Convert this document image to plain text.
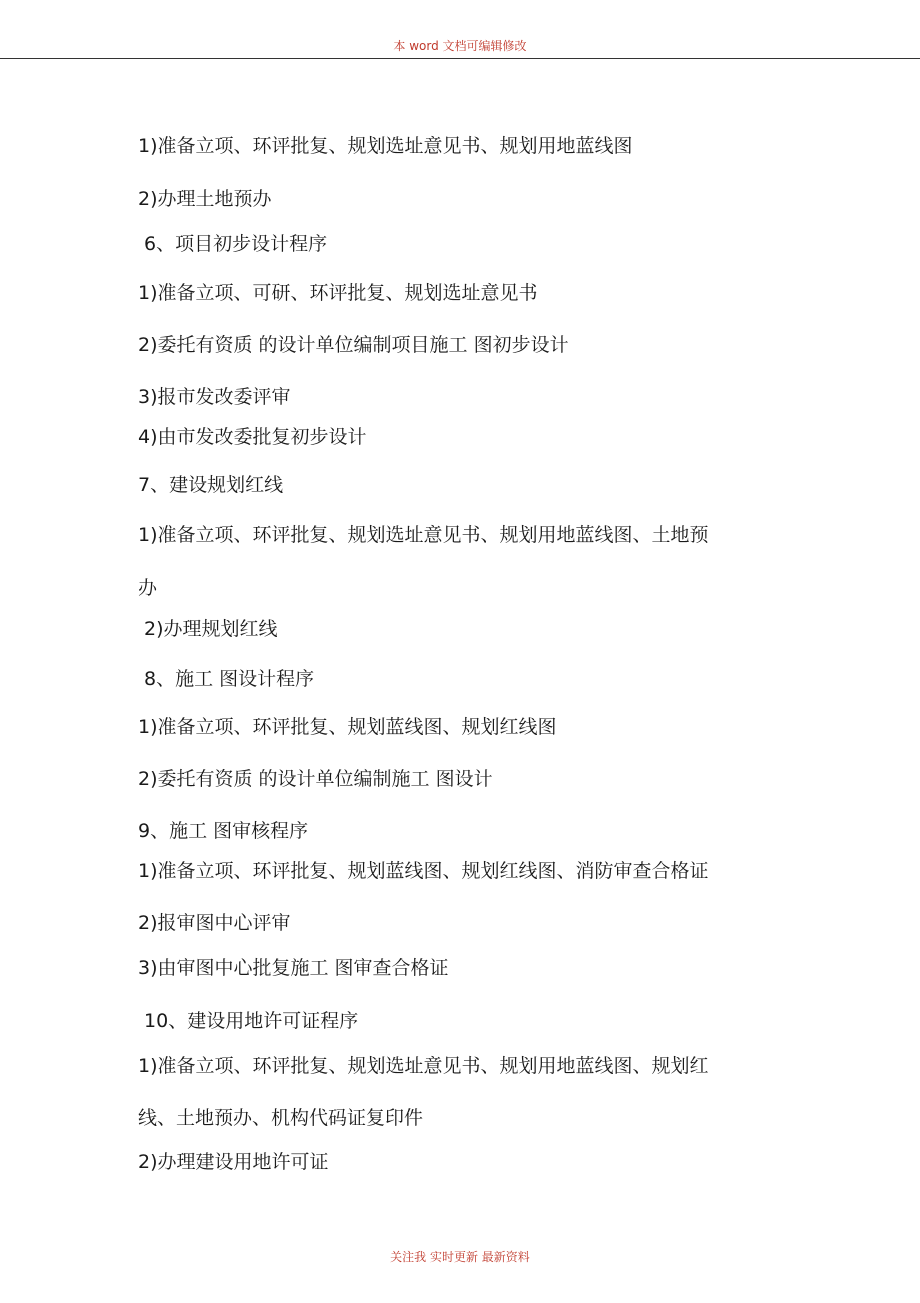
本 word 文档可编辑修改
1)准备立项、环评批复、规划选址意见书、规划用地蓝线图
2)办理土地预办
6、项目初步设计程序
1)准备立项、可研、环评批复、规划选址意见书
2)委托有资质 的设计单位编制项目施工 图初步设计
3)报市发改委评审
4)由市发改委批复初步设计
7、建设规划红线
1)准备立项、环评批复、规划选址意见书、规划用地蓝线图、土地预
办
2)办理规划红线
8、施工 图设计程序
1)准备立项、环评批复、规划蓝线图、规划红线图
2)委托有资质 的设计单位编制施工 图设计
9、施工 图审核程序
1)准备立项、环评批复、规划蓝线图、规划红线图、消防审查合格证
2)报审图中心评审
3)由审图中心批复施工 图审查合格证
10、建设用地许可证程序
1)准备立项、环评批复、规划选址意见书、规划用地蓝线图、规划红
线、土地预办、机构代码证复印件
2)办理建设用地许可证
关注我 实时更新 最新资料
